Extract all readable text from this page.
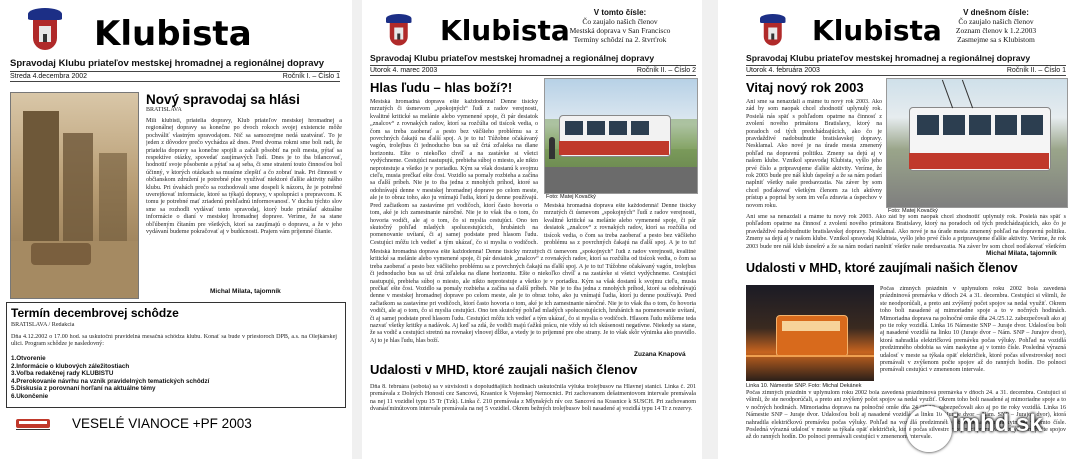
Klubista
Spravodaj Klubu priateľov mestskej hromadnej a regionálnej dopravy
Streda 4.decembra 2002	Ročník I. – Číslo 1
Nový spravodaj sa hlási
BRATISLAVA
Milí klubisti, priatelia dopravy, Klub priateľov mestskej hromadnej a regionálnej dopravy sa konečne po dvoch rokoch svojej existencie môže pochváliť vlastným spravodajom. Nič sa samozrejme nedá uzatvárať. To je jeden z dôvodov prečo vychádza až dnes. Pred dvoma rokmi sme boli radi, že priatelia dopravy sa konečne spojili a začali pôsobiť na poli mesta, pýtať sa respektíve otázky, spovedať zaujímavých ľudí. Dnes je to iba bilancovať, hodnotiť svoje pôsobenie a pýtať sa aj seba, či sme stratení touto činnosťou bol účinný, v ktorých otázkach sa musíme zlepšiť a čo zobrať inak. Pri činnosti v občianskom združení je potrebné plne využívať niektoré ďalšie aktivity nášho klubu. Pri úvahách prečo sa rozhodovali sme dospeli k názoru, že je potrebné uverejňovať informácie, ktoré sa týkajú dopravy, v spolupráci s prepravcom. K tomu je potrebné mať zriadenú prehľadnú informovanosť. V duchu týchto slov sme sa rozhodli vydávať tento spravodaj, ktorý bude prinášať aktuálne informácie o dianí v mestskej hromadnej doprave. Veríme, že sa stane obľúbeným čítaním pre všetkých, ktorí sa zaujímajú o dopravu, a že v jeho vydávaní budeme pokračovať aj v budúcnosti. Prajem vám príjemné čítanie.
Michal Milata, tajomník
Termín decembrovej schôdze
BRATISLAVA / Redakcia
Dňa 4.12.2002 o 17.00 hod. sa uskutoční pravidelná mesačná schôdza klubu. Konať sa bude v priestoroch DPB, a.s. na Olejkárskej ulici. Program schôdze je nasledovný:
1.Otvorenie
2.Informácie o klubových záležitostiach
3.Voľba redakčnej rady KLUBISTU
4.Prerokovanie návrhu na vznik pravidelných tematických schôdzí
5.Diskusia z porovnaní horľaní na aktuálne témy
6.Ukončenie
VESELÉ VIANOCE +PF 2003
Klubista
V tomto čísle:
Čo zaujalo našich členov
Mestská doprava v San Francisco
Termíny schôdzí na 2. štvrťrok
Spravodaj Klubu priateľov mestskej hromadnej a regionálnej dopravy
Utorok 4. marec 2003	Ročník II. – Číslo 2
Hlas ľudu – hlas boží?!
Mestská hromadná doprava ešte každodenná! Denne tisícky mrzutých či úsmevom „spokojných“ ľudí z radov verejnosti, kvalitné kritické sa melánie alebo vymenené spoje, či pár desiatok „znalcov“ z rovnakých radov, ktorí sa rozčúlia od tisícok vedia, o čom sa treba zaoberať a pesto bez väčšieho problému sa z povrchných čakajú na ďalší spoj. A je to tu! Túžobne očakávaný vagón, trolejbus či jednoducho bus sa už črtá zďaleka na dlane horizontu. Ešte o niekoľko chvíľ a na zastávke si všetci vydýchneme. Cestujúci nastupujú, prebieha súboj o miesto, ale nikto neprotestuje a všetko je v poriadku. Kým sa však dostanú k svojmu cieľu, musia prečkať ešte čosi. Vozidlo sa pomaly rozbieha a začína sa ďalší príbeh. Nie je to iba jedna z mnohých príhod, ktoré sa odohrávajú denne v mestskej hromadnej doprave po celom meste, ale je to obraz toho, ako ju vnímajú ľudia, ktorí ju denne používajú. Pred začiatkom sa zastavíme pri vodičoch, ktorí často hovoria o tom, aké je ich zamestnanie náročné. Nie je to však iba o tom, čo hovoria vodiči, ale aj o tom, čo si myslia cestujúci. Ono ten skutočný pohľad mladých spolucestujúcich, hrubánich na pomenovanie uvítaní, či aj samej podstate pred hlasom ľudu. Cestujúci môžu ich vedieť a tým ukázať, čo si myslia o vodičoch.
Foto: Matej Kovačký
Mestská hromadná doprava ešte každodenná! Denne tisícky mrzutých či úsmevom „spokojných“ ľudí z radov verejnosti, kvalitné kritické sa melánie alebo vymenené spoje, či pár desiatok „znalcov“ z rovnakých radov, ktorí sa rozčúlia od tisícok vedia, o čom sa treba zaoberať a pesto bez väčšieho problému sa z povrchných čakajú na ďalší spoj. A je to tu!
Mestská hromadná doprava ešte každodenná! Denne tisícky mrzutých či úsmevom „spokojných“ ľudí z radov verejnosti, kvalitné kritické sa melánie alebo vymenené spoje, či pár desiatok „znalcov“ z rovnakých radov, ktorí sa rozčúlia od tisícok vedia, o čom sa treba zaoberať a pesto bez väčšieho problému sa z povrchných čakajú na ďalší spoj. A je to tu! Túžobne očakávaný vagón, trolejbus či jednoducho bus sa už črtá zďaleka na dlane horizontu. Ešte o niekoľko chvíľ a na zastávke si všetci vydýchneme. Cestujúci nastupujú, prebieha súboj o miesto, ale nikto neprotestuje a všetko je v poriadku. Kým sa však dostanú k svojmu cieľu, musia prečkať ešte čosi. Vozidlo sa pomaly rozbieha a začína sa ďalší príbeh. Nie je to iba jedna z mnohých príhod, ktoré sa odohrávajú denne v mestskej hromadnej doprave po celom meste, ale je to obraz toho, ako ju vnímajú ľudia, ktorí ju denne používajú. Pred začiatkom sa zastavíme pri vodičoch, ktorí často hovoria o tom, aké je ich zamestnanie náročné. Nie je to však iba o tom, čo hovoria vodiči, ale aj o tom, čo si myslia cestujúci. Ono ten skutočný pohľad mladých spolucestujúcich, hrubánich na pomenovanie uvítaní, či aj samej podstate pred hlasom ľudu. Cestujúci môžu ich vedieť a tým ukázať, čo si myslia o vodičoch. Hlasom ľudu môžeme teda nazvať všetky kritiky a nadávok. Aj keď sa zdá, že vodiči majú ťažkú prácu, nie vždy sú ich skúsenosti negatívne. Niekedy sa stane, že sa vodič a cestujúci stretnú na rovnakej vlnovej dĺžke, a vtedy je to príjemné pre obe strany. Je to však skôr výnimka ako pravidlo. Aj to je hlas ľudu, hlas boží.
Zuzana Knapová
Udalosti v MHD, ktoré zaujali našich členov
Dňa 8. februára (sobota) sa v súvislosti s dopoludňajších hodinách uskutočnila výluka trolejbusov na Hlavnej stanici. Linka č. 201 premávala z Dolných Hoností cez Sancovú, Krasnice k Vojenskej Nemocnici. Pri zachovanom dešatmentovom intervale premávala na nej 11 vozidiel typu 15 Tr (Tzk). Linka č. 210 premávala z Mlynských nív cez Sancovú na Krasnice k SUSCH. Pri zachovanom dvanásťminútovom intervale premávala na nej 5 vozidiel. Okrem bežných trolejbusov boli nasadené aj vozidlá typu 14 Tr z rezervy.
Klubista
V dnešnom čísle:
Čo zaujalo našich členov
Zoznam členov k 1.2.2003
Zasmejme sa s Klubistom
Spravodaj Klubu priateľov mestskej hromadnej a regionálnej dopravy
Utorok 4. februára 2003	Ročník II. – Číslo 1
Vitaj nový rok 2003
Ani sme sa nenazdali a máme tu nový rok 2003. Ako zád by som naopak chcel zhodnotiť uplynulý rok. Posielá nás späť s pohľadom opatrne na činnosť z zvolení nového primátora Bratislavy, ktorý na poradoch od tých predchádzajúcich, ako čo je pravdaždivé nadobudnutie bratislavskej dopravy. Nesklamal. Ako nové je na úrade mesta zmenený pohľad na dopravnú politiku. Zmeny sa dejú aj v našom klube. Vznikol spravodaj Klubista, vyšlo jeho prvé číslo a pripravujeme ďalšie aktivity. Veríme, že rok 2003 bude pre náš klub úspešný a že sa nám podarí naplniť všetky naše predsavzatia. Na záver by som chcel poďakovať všetkým členom za ich aktívny prístup a poprial by som im veľa zdravia a úspechov v novom roku.
Foto: Matej Kovačký
Ani sme sa nenazdali a máme tu nový rok 2003. Ako zád by som naopak chcel zhodnotiť uplynulý rok. Posielá nás späť s pohľadom opatrne na činnosť z zvolení nového primátora Bratislavy, ktorý na poradoch od tých predchádzajúcich, ako čo je pravdaždivé nadobudnutie bratislavskej dopravy. Nesklamal. Ako nové je na úrade mesta zmenený pohľad na dopravnú politiku. Zmeny sa dejú aj v našom klube. Vznikol spravodaj Klubista, vyšlo jeho prvé číslo a pripravujeme ďalšie aktivity. Veríme, že rok 2003 bude pre náš klub úspešný a že sa nám podarí naplniť všetky naše predsavzatia. Na záver by som chcel poďakovať všetkým
Michal Milata, tajomník
Udalosti v MHD, ktoré zaujímali našich členov
Linka 10. Námestie SNP. Foto: Michal Dekánek
Počas zimných prázdnin v uplynulom roku 2002 bola zavedená prázdninová premávka v dňoch 24. a 31. decembra. Cestujúci si všimli, že ste neodporúčali, a preto ani zvýšený počet spojov sa nedal využiť. Okrem toho boli nasadené aj mimoriadne spoje a to v nočných hodinách. Mimoriadna doprava na polnočné omše dňa 24./25.12. zabezpečovali ako aj po tie roky vozidlá. Linka 16 Námestie SNP – Juraje dvor. Udalosťou boli aj nasadené vozidlá na linku 10 (Juraje dvor – Nám. SNP – Jurajov dvor), ktorá nahradila električkovú premávku počas výluky. Pohľad na vozidlá predzimného obdobia sa vám naskytne aj v tomto čísle. Posledná výrazná udalosť v meste sa týkala opäť električiek, ktoré počas silvestrovskej noci premávali v zvýšenom počte spojov až do ranných hodín. Do polnoci premávali cestujúci v zmenenom intervale.
Počas zimných prázdnin v uplynulom roku 2002 bola zavedená prázdninová premávka v dňoch 24. a 31. decembra. Cestujúci si všimli, že ste neodporúčali, a preto ani zvýšený počet spojov sa nedal využiť. Okrem toho boli nasadené aj mimoriadne spoje a to v nočných hodinách. Mimoriadna doprava na polnočné omše dňa 24./25.12. zabezpečovali ako aj po tie roky vozidlá. Linka 16 Námestie SNP – Juraje dvor. Udalosťou boli aj nasadené vozidlá na linku 10 (Juraje dvor – Nám. SNP – Jurajov dvor), ktorá nahradila električkovú premávku počas výluky. Pohľad na vozidlá predzimného obdobia sa vám naskytne aj v tomto čísle. Posledná výrazná udalosť v meste sa týkala opäť električiek, ktoré počas silvestrovskej noci premávali v zvýšenom počte spojov až do ranných hodín. Do polnoci premávali cestujúci v zmenenom intervale.
imhd.sk
